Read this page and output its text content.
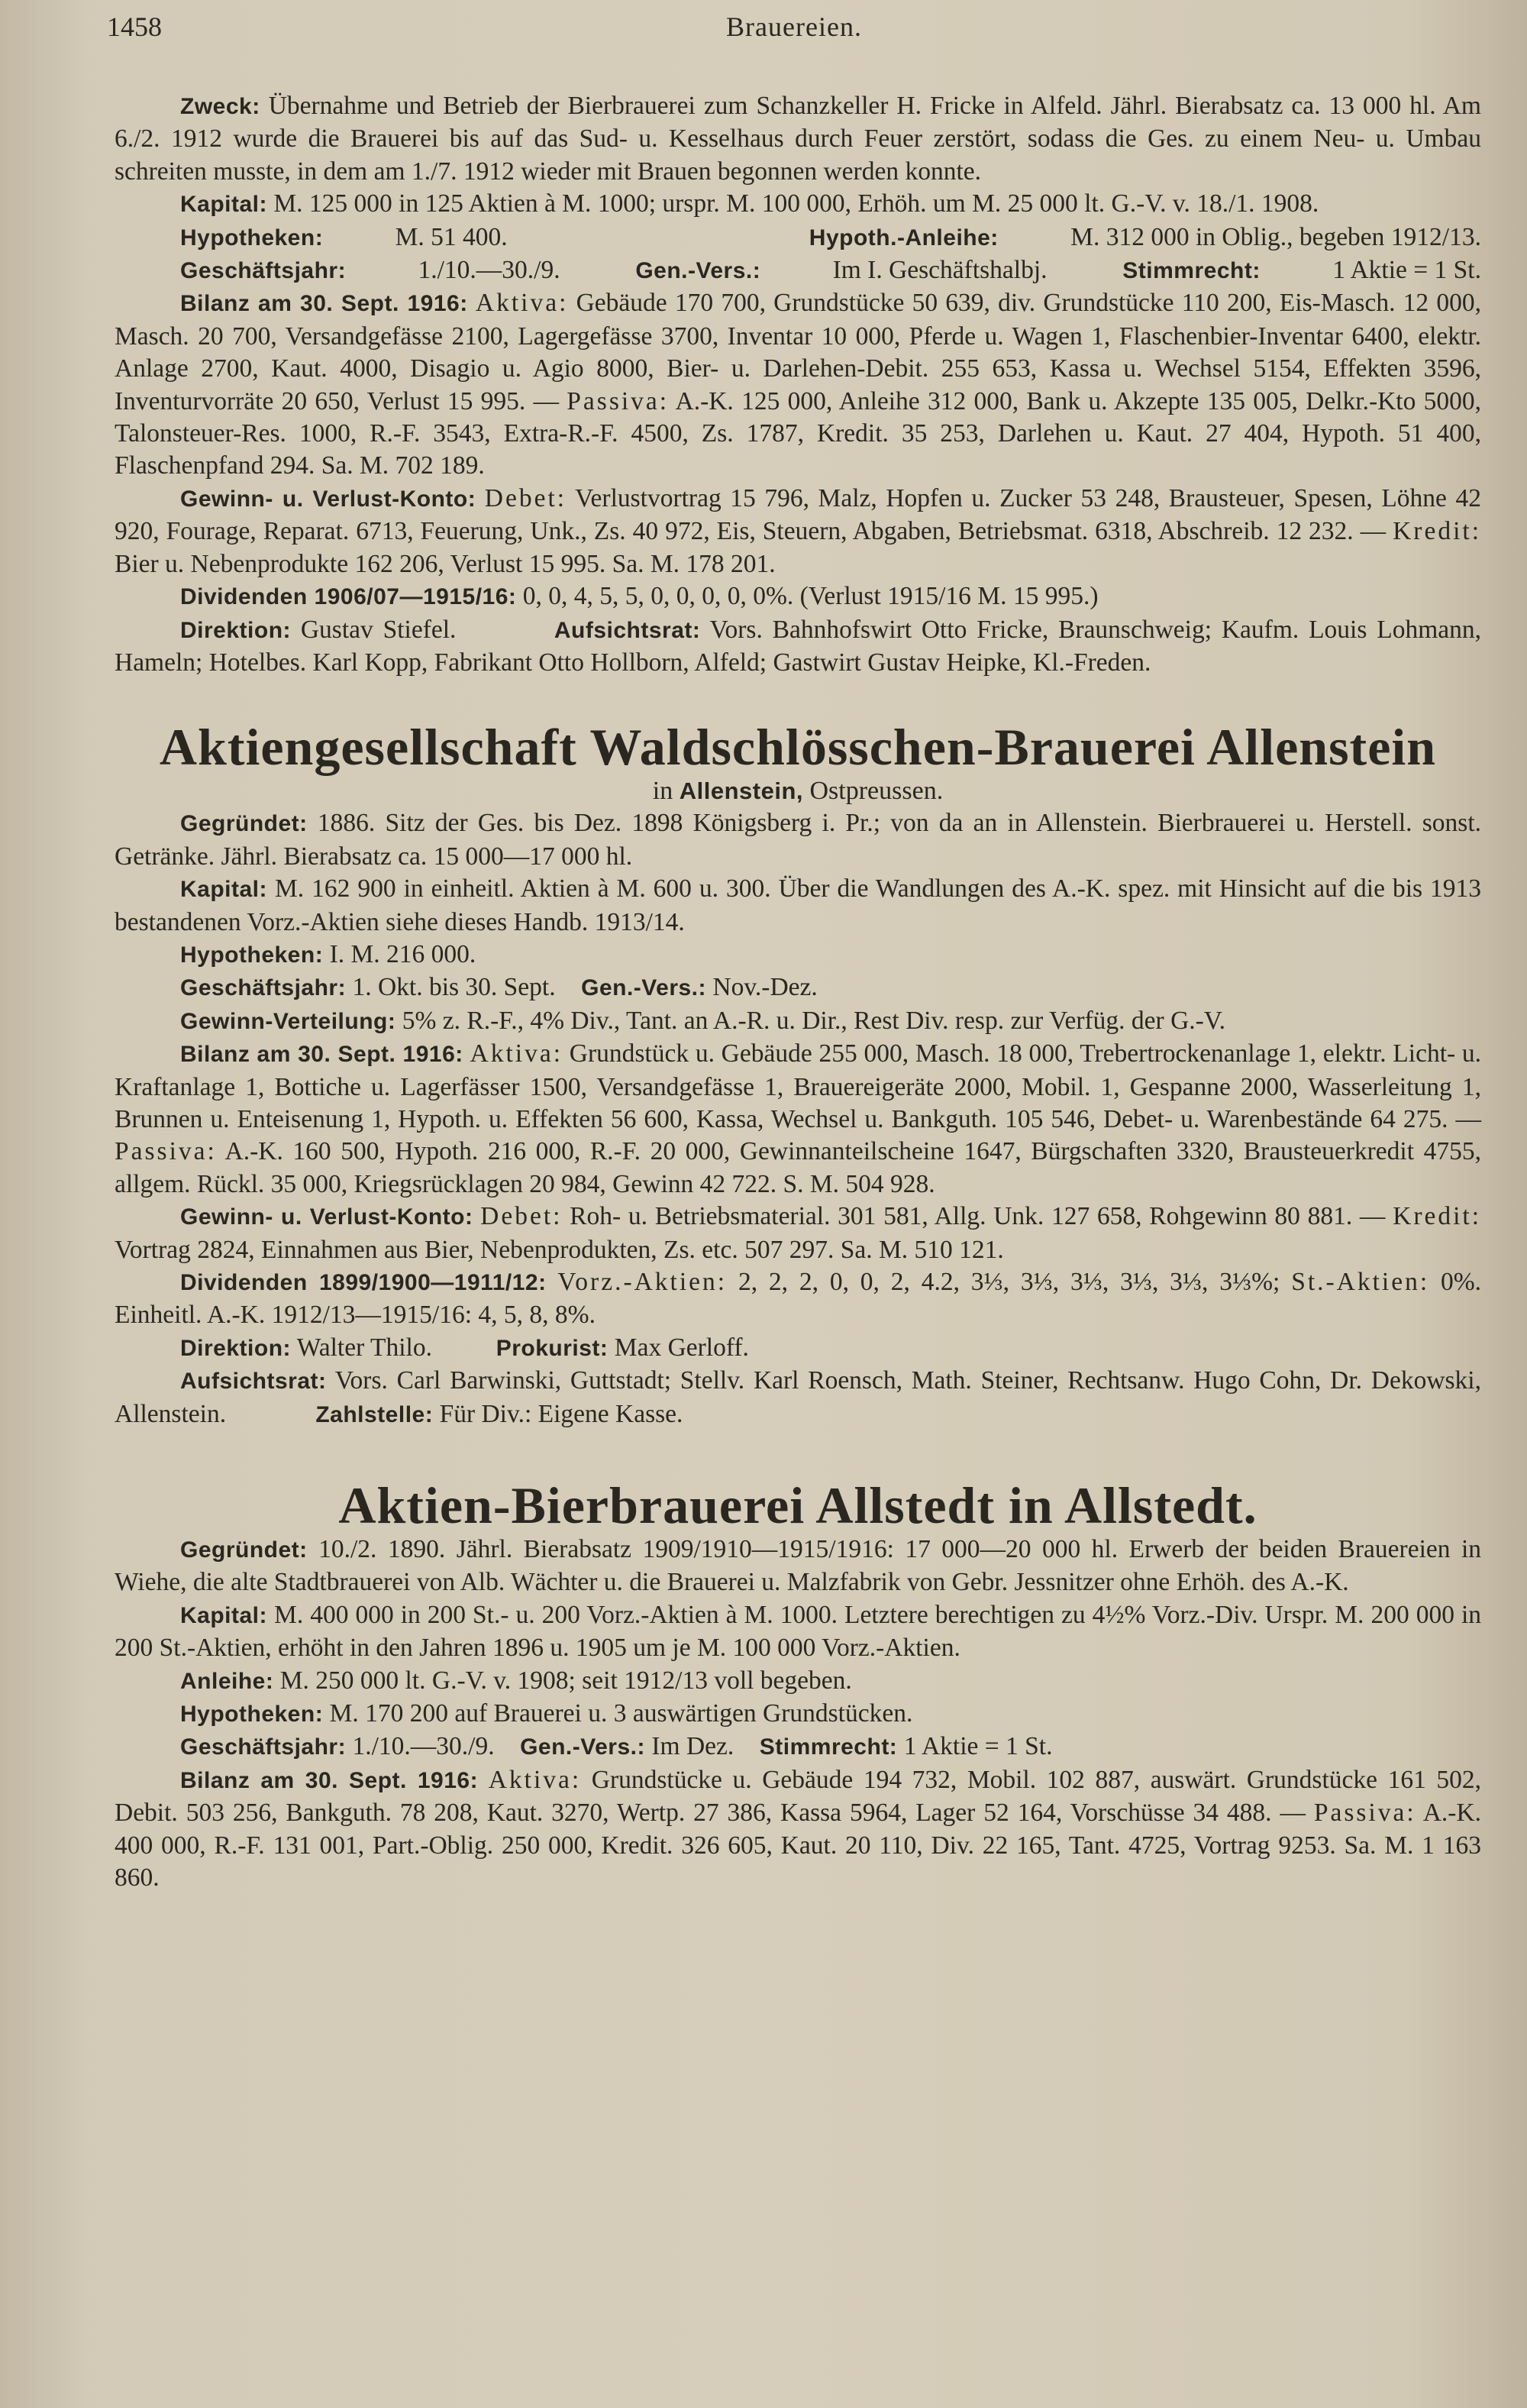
1458	Brauereien.

Zweck: Übernahme und Betrieb der Bierbrauerei zum Schanzkeller H. Fricke in Alfeld. Jährl. Bierabsatz ca. 13 000 hl. Am 6./2. 1912 wurde die Brauerei bis auf das Sud- u. Kesselhaus durch Feuer zerstört, sodass die Ges. zu einem Neu- u. Umbau schreiten musste, in dem am 1./7. 1912 wieder mit Brauen begonnen werden konnte.

Kapital: M. 125 000 in 125 Aktien à M. 1000; urspr. M. 100 000, Erhöh. um M. 25 000 lt. G.-V. v. 18./1. 1908.

Hypotheken:	M. 51 400.	Hypoth.-Anleihe:	M. 312 000 in Oblig., begeben 1912/13.

Geschäftsjahr:	1./10.—30./9.	Gen.-Vers.:	Im I. Geschäftshalbj.	Stimmrecht:	1 Aktie = 1 St.

Bilanz am 30. Sept. 1916: Aktiva: Gebäude 170 700, Grundstücke 50 639, div. Grundstücke 110 200, Eis-Masch. 12 000, Masch. 20 700, Versandgefässe 2100, Lagergefässe 3700, Inventar 10 000, Pferde u. Wagen 1, Flaschenbier-Inventar 6400, elektr. Anlage 2700, Kaut. 4000, Disagio u. Agio 8000, Bier- u. Darlehen-Debit. 255 653, Kassa u. Wechsel 5154, Effekten 3596, Inventurvorräte 20 650, Verlust 15 995. — Passiva: A.-K. 125 000, Anleihe 312 000, Bank u. Akzepte 135 005, Delkr.-Kto 5000, Talonsteuer-Res. 1000, R.-F. 3543, Extra-R.-F. 4500, Zs. 1787, Kredit. 35 253, Darlehen u. Kaut. 27 404, Hypoth. 51 400, Flaschenpfand 294. Sa. M. 702 189.

Gewinn- u. Verlust-Konto: Debet: Verlustvortrag 15 796, Malz, Hopfen u. Zucker 53 248, Brausteuer, Spesen, Löhne 42 920, Fourage, Reparat. 6713, Feuerung, Unk., Zs. 40 972, Eis, Steuern, Abgaben, Betriebsmat. 6318, Abschreib. 12 232. — Kredit: Bier u. Nebenprodukte 162 206, Verlust 15 995. Sa. M. 178 201.

Dividenden 1906/07—1915/16: 0, 0, 4, 5, 5, 0, 0, 0, 0, 0%. (Verlust 1915/16 M. 15 995.)

Direktion: Gustav Stiefel.	Aufsichtsrat: Vors. Bahnhofswirt Otto Fricke, Braunschweig; Kaufm. Louis Lohmann, Hameln; Hotelbes. Karl Kopp, Fabrikant Otto Hollborn, Alfeld; Gastwirt Gustav Heipke, Kl.-Freden.

Aktiengesellschaft Waldschlösschen-Brauerei Allenstein

in Allenstein, Ostpreussen.

Gegründet: 1886. Sitz der Ges. bis Dez. 1898 Königsberg i. Pr.; von da an in Allenstein. Bierbrauerei u. Herstell. sonst. Getränke. Jährl. Bierabsatz ca. 15 000—17 000 hl.

Kapital: M. 162 900 in einheitl. Aktien à M. 600 u. 300. Über die Wandlungen des A.-K. spez. mit Hinsicht auf die bis 1913 bestandenen Vorz.-Aktien siehe dieses Handb. 1913/14.

Hypotheken: I. M. 216 000.

Geschäftsjahr: 1. Okt. bis 30. Sept. Gen.-Vers.: Nov.-Dez.

Gewinn-Verteilung: 5% z. R.-F., 4% Div., Tant. an A.-R. u. Dir., Rest Div. resp. zur Verfüg. der G.-V.

Bilanz am 30. Sept. 1916: Aktiva: Grundstück u. Gebäude 255 000, Masch. 18 000, Trebertrockenanlage 1, elektr. Licht- u. Kraftanlage 1, Bottiche u. Lagerfässer 1500, Versandgefässe 1, Brauereigeräte 2000, Mobil. 1, Gespanne 2000, Wasserleitung 1, Brunnen u. Enteisenung 1, Hypoth. u. Effekten 56 600, Kassa, Wechsel u. Bankguth. 105 546, Debet- u. Warenbestände 64 275. — Passiva: A.-K. 160 500, Hypoth. 216 000, R.-F. 20 000, Gewinnanteilscheine 1647, Bürgschaften 3320, Brausteuerkredit 4755, allgem. Rückl. 35 000, Kriegsrücklagen 20 984, Gewinn 42 722. S. M. 504 928.

Gewinn- u. Verlust-Konto: Debet: Roh- u. Betriebsmaterial. 301 581, Allg. Unk. 127 658, Rohgewinn 80 881. — Kredit: Vortrag 2824, Einnahmen aus Bier, Nebenprodukten, Zs. etc. 507 297. Sa. M. 510 121.

Dividenden 1899/1900—1911/12: Vorz.-Aktien: 2, 2, 2, 0, 0, 2, 4.2, 3⅓, 3⅓, 3⅓, 3⅓, 3⅓, 3⅓%; St.-Aktien: 0%. Einheitl. A.-K. 1912/13—1915/16: 4, 5, 8, 8%.

Direktion: Walter Thilo.	Prokurist: Max Gerloff.

Aufsichtsrat: Vors. Carl Barwinski, Guttstadt; Stellv. Karl Roensch, Math. Steiner, Rechtsanw. Hugo Cohn, Dr. Dekowski, Allenstein.	Zahlstelle: Für Div.: Eigene Kasse.

Aktien-Bierbrauerei Allstedt in Allstedt.

Gegründet: 10./2. 1890. Jährl. Bierabsatz 1909/1910—1915/1916: 17 000—20 000 hl. Erwerb der beiden Brauereien in Wiehe, die alte Stadtbrauerei von Alb. Wächter u. die Brauerei u. Malzfabrik von Gebr. Jessnitzer ohne Erhöh. des A.-K.

Kapital: M. 400 000 in 200 St.- u. 200 Vorz.-Aktien à M. 1000. Letztere berechtigen zu 4½% Vorz.-Div. Urspr. M. 200 000 in 200 St.-Aktien, erhöht in den Jahren 1896 u. 1905 um je M. 100 000 Vorz.-Aktien.

Anleihe: M. 250 000 lt. G.-V. v. 1908; seit 1912/13 voll begeben.

Hypotheken: M. 170 200 auf Brauerei u. 3 auswärtigen Grundstücken.

Geschäftsjahr: 1./10.—30./9. Gen.-Vers.: Im Dez. Stimmrecht: 1 Aktie = 1 St.

Bilanz am 30. Sept. 1916: Aktiva: Grundstücke u. Gebäude 194 732, Mobil. 102 887, auswärt. Grundstücke 161 502, Debit. 503 256, Bankguth. 78 208, Kaut. 3270, Wertp. 27 386, Kassa 5964, Lager 52 164, Vorschüsse 34 488. — Passiva: A.-K. 400 000, R.-F. 131 001, Part.-Oblig. 250 000, Kredit. 326 605, Kaut. 20 110, Div. 22 165, Tant. 4725, Vortrag 9253. Sa. M. 1 163 860.
